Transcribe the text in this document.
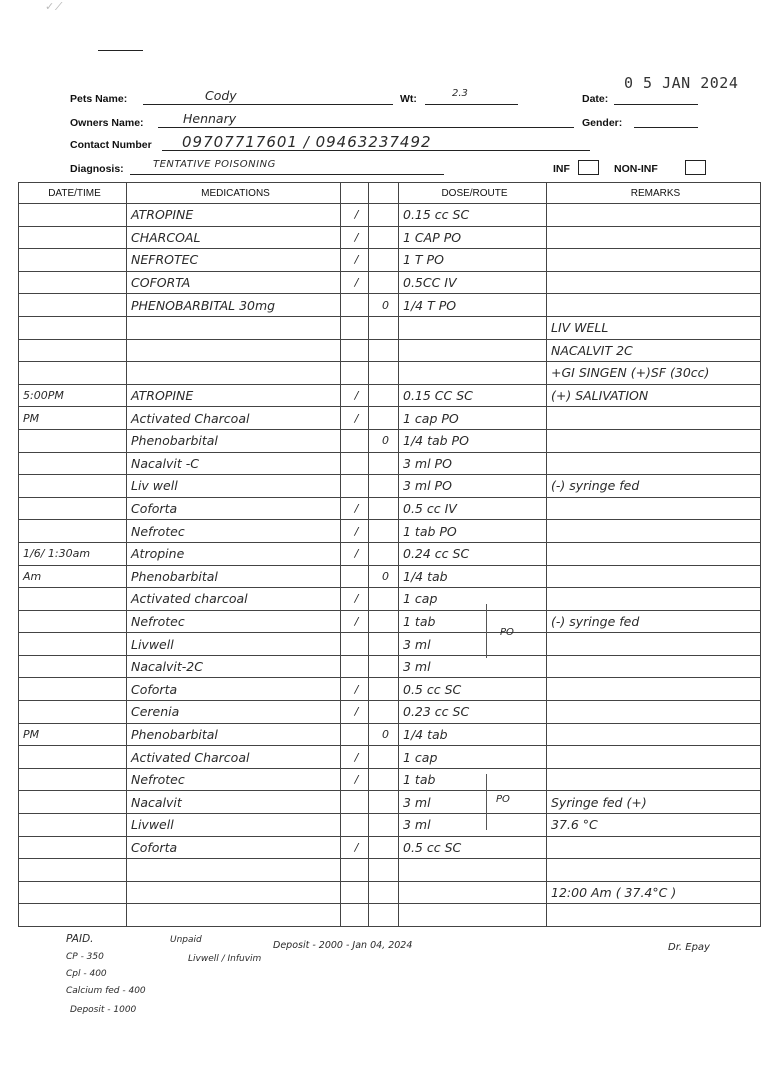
✓ ⁄
Pets Name:	Cody	Wt:	2.3	Date:
0 5 JAN 2024
Owners Name:	Hennary	Gender:
Contact Number 09707717601 / 09463237492
Diagnosis:	TENTATIVE POISONING	INF	NON-INF
DATE/TIME	MEDICATIONS			DOSE/ROUTE	REMARKS
	ATROPINE	/		0.15 cc SC	
	CHARCOAL	/		1 CAP PO	
	NEFROTEC	/		1 T PO	
	COFORTA	/		0.5CC IV	
	PHENOBARBITAL 30mg		0	1/4 T PO	
					LIV WELL
					NACALVIT 2C
					+GI SINGEN (+)SF (30cc)
5:00PM	ATROPINE	/		0.15 CC SC	(+) SALIVATION
PM	Activated Charcoal	/		1 cap PO	
	Phenobarbital		0	1/4 tab PO	
	Nacalvit -C			3 ml PO	
	Liv well			3 ml PO	(-) syringe fed
	Coforta	/		0.5 cc IV	
	Nefrotec	/		1 tab PO	
1/6/ 1:30am	Atropine	/		0.24 cc SC	
Am	Phenobarbital		0	1/4 tab	
	Activated charcoal	/		1 cap	
	Nefrotec	/		1 tab	(-) syringe fed
	Livwell			3 ml	
	Nacalvit-2C			3 ml	
	Coforta	/		0.5 cc SC	
	Cerenia	/		0.23 cc SC	
PM	Phenobarbital		0	1/4 tab	
	Activated Charcoal	/		1 cap	
	Nefrotec	/		1 tab	
	Nacalvit			3 ml	Syringe fed (+)
	Livwell			3 ml	37.6 °C
	Coforta	/		0.5 cc SC	

					12:00 Am ( 37.4°C )

PO
PO
PAID.
CP - 350
Cpl - 400
Calcium fed - 400
Deposit - 1000
Unpaid
Livwell / Infuvim
Deposit - 2000 - Jan 04, 2024	Dr. Epay
